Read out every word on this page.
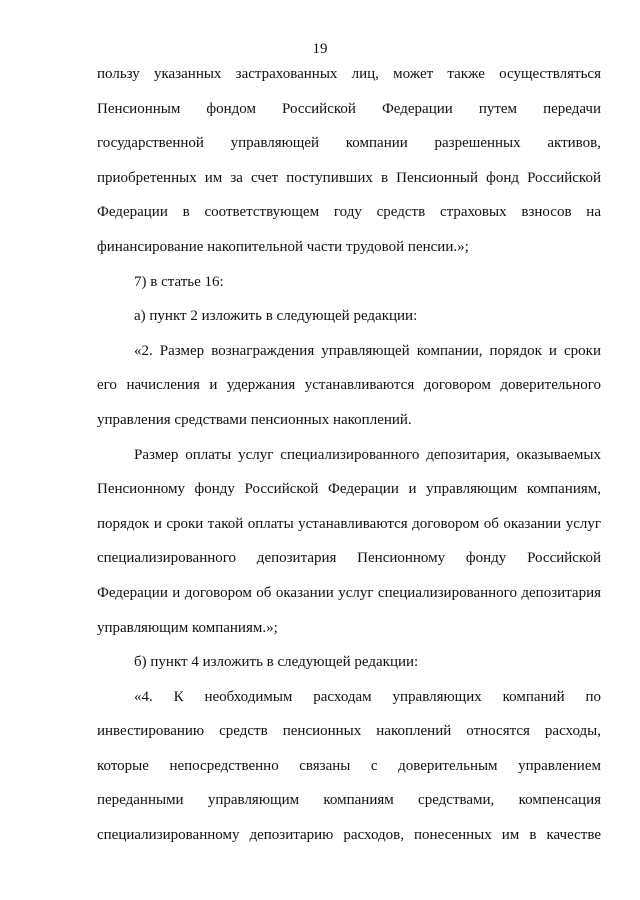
19
пользу указанных застрахованных лиц, может также осуществляться
Пенсионным фондом Российской Федерации путем передачи
государственной управляющей компании разрешенных активов,
приобретенных им за счет поступивших в Пенсионный фонд Российской
Федерации в соответствующем году средств страховых взносов на
финансирование накопительной части трудовой пенсии.»;
7) в статье 16:
а) пункт 2 изложить в следующей редакции:
«2. Размер вознаграждения управляющей компании, порядок и сроки
его начисления и удержания устанавливаются договором доверительного
управления средствами пенсионных накоплений.
Размер оплаты услуг специализированного депозитария, оказываемых
Пенсионному фонду Российской Федерации и управляющим компаниям,
порядок и сроки такой оплаты устанавливаются договором об оказании услуг
специализированного депозитария Пенсионному фонду Российской
Федерации и договором об оказании услуг специализированного депозитария
управляющим компаниям.»;
б) пункт 4 изложить в следующей редакции:
«4. К необходимым расходам управляющих компаний по
инвестированию средств пенсионных накоплений относятся расходы,
которые непосредственно связаны с доверительным управлением
переданными управляющим компаниям средствами, компенсация
специализированному депозитарию расходов, понесенных им в качестве
